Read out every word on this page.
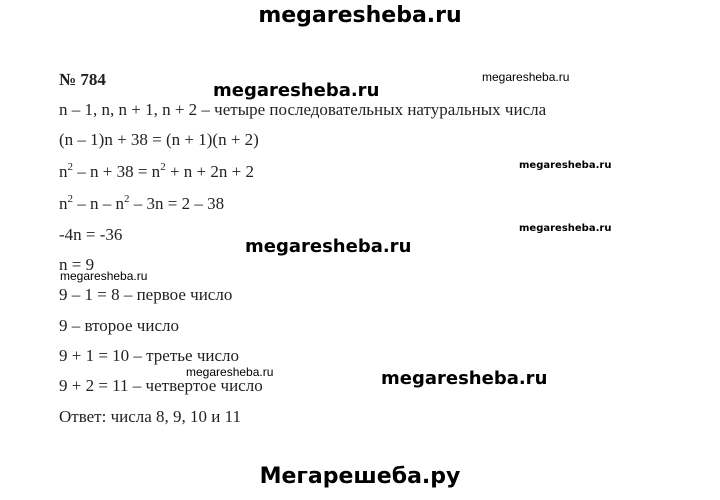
megaresheba.ru
megaresheba.ru
megaresheba.ru
megaresheba.ru
megaresheba.ru
megaresheba.ru
megaresheba.ru
megaresheba.ru	megaresheba.ru
Мегарешеба.ру
№ 784
n – 1, n, n + 1, n + 2 – четыре последовательных натуральных числа
(n – 1)n + 38 = (n + 1)(n + 2)
$n^2 - n + 38 = n^2 + n + 2n + 2$
$n^2 - n - n^2 - 3n = 2 - 38$
-4n = -36
n = 9
9 – 1 = 8 – первое число
9 – второе число
9 + 1 = 10 – третье число
9 + 2 = 11 – четвертое число
Ответ: числа 8, 9, 10 и 11
